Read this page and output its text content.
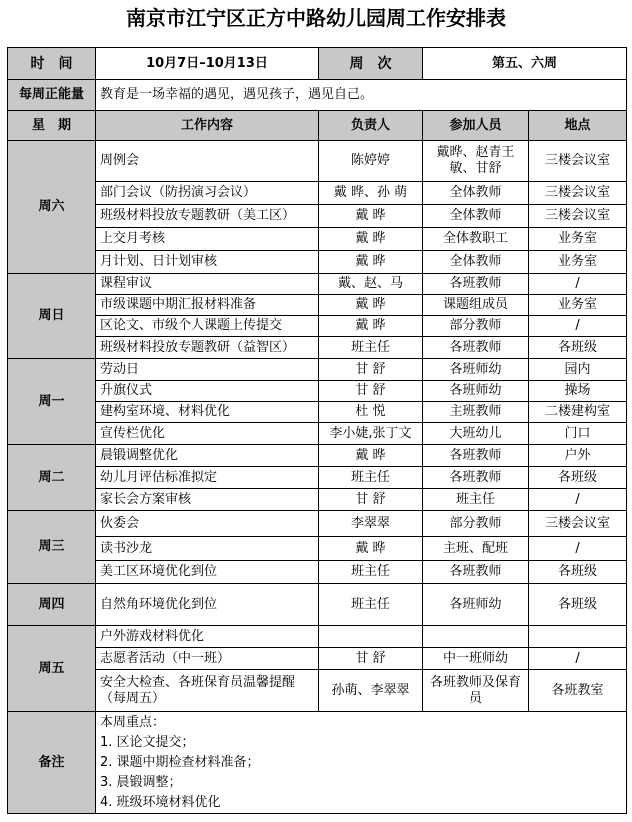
南京市江宁区正方中路幼儿园周工作安排表
时　间	10月7日–10月13日	周　次	第五、六周	
每周正能量	教育是一场幸福的遇见，遇见孩子，遇见自己。			
星　期	工作内容	负责人	参加人员	地点
周六	周例会	陈婷婷	戴晔、赵青王敏、甘舒	三楼会议室
	部门会议（防拐演习会议）	戴 晔、孙 萌	全体教师	三楼会议室
	班级材料投放专题教研（美工区）	戴 晔	全体教师	三楼会议室
	上交月考核	戴 晔	全体教职工	业务室
	月计划、日计划审核	戴 晔	全体教师	业务室
周日	课程审议	戴、赵、马	各班教师	/
	市级课题中期汇报材料准备	戴 晔	课题组成员	业务室
	区论文、市级个人课题上传提交	戴 晔	部分教师	/
	班级材料投放专题教研（益智区）	班主任	各班教师	各班级
周一	劳动日	甘 舒	各班师幼	园内
	升旗仪式	甘 舒	各班师幼	操场
	建构室环境、材料优化	杜 悦	主班教师	二楼建构室
	宣传栏优化	李小婕,张丁文	大班幼儿	门口
周二	晨锻调整优化	戴 晔	各班教师	户外
	幼儿月评估标准拟定	班主任	各班教师	各班级
	家长会方案审核	甘 舒	班主任	/
周三	伙委会	李翠翠	部分教师	三楼会议室
	读书沙龙	戴 晔	主班、配班	/
	美工区环境优化到位	班主任	各班教师	各班级
周四	自然角环境优化到位	班主任	各班师幼	各班级
周五	户外游戏材料优化			
	志愿者活动（中一班）	甘 舒	中一班师幼	/
	安全大检查、各班保育员温馨提醒（每周五）	孙萌、李翠翠	各班教师及保育员	各班教室
备注	本周重点：
1. 区论文提交；
2. 课题中期检查材料准备；
3. 晨锻调整；
4. 班级环境材料优化			
